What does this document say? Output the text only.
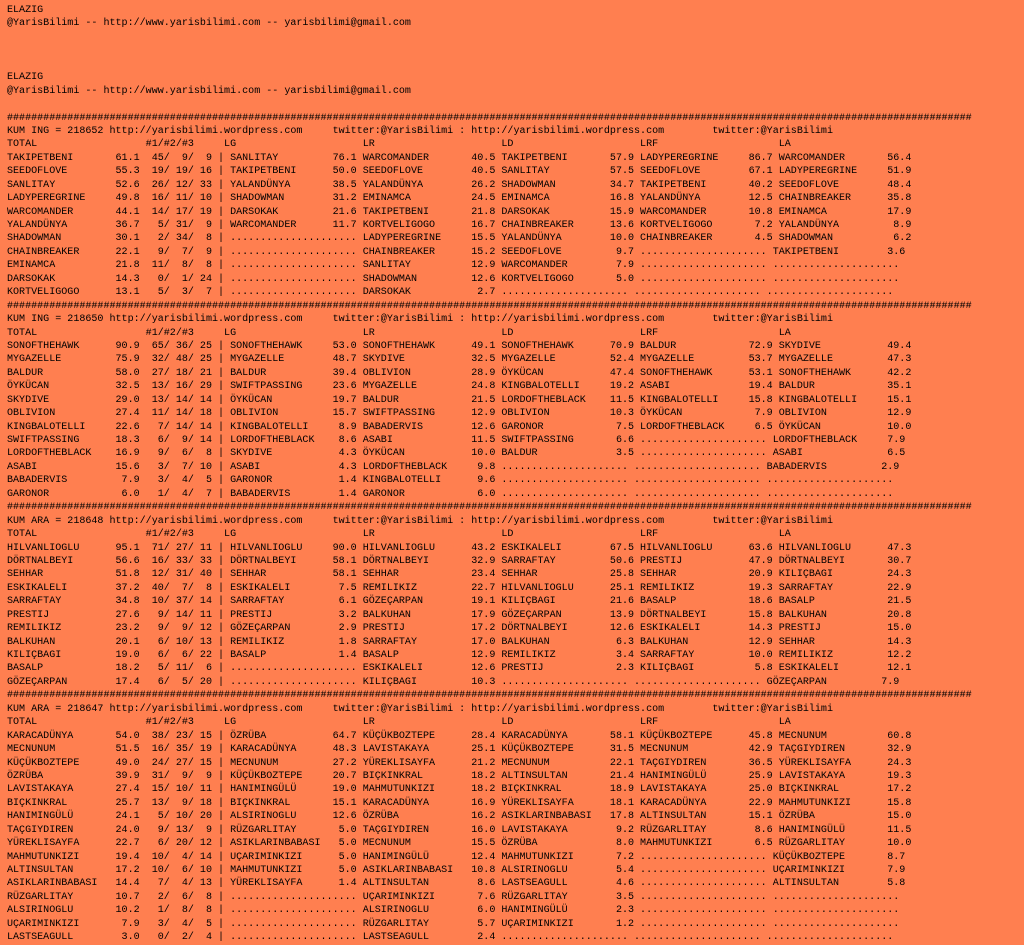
ELAZIG
@YarisBilimi -- http://www.yarisbilimi.com -- yarisbilimi@gmail.com
ELAZIG
@YarisBilimi -- http://www.yarisbilimi.com -- yarisbilimi@gmail.com
################################################################################################################################################################
KUM ING = 218652 http://yarisbilimi.wordpress.com     twitter:@YarisBilimi : http://yarisbilimi.wordpress.com        twitter:@YarisBilimi
TOTAL                  #1/#2/#3     LG                     LR                     LD                     LRF                    LA
TAKIPETBENI       61.1  45/  9/  9 | SANLITAY         76.1 WARCOMANDER       40.5 TAKIPETBENI       57.9 LADYPEREGRINE     86.7 WARCOMANDER       56.4
SEEDOFLOVE        55.3  19/ 19/ 16 | TAKIPETBENI      50.0 SEEDOFLOVE        40.5 SANLITAY          57.5 SEEDOFLOVE        67.1 LADYPEREGRINE     51.9
SANLITAY          52.6  26/ 12/ 33 | YALANDÜNYA       38.5 YALANDÜNYA        26.2 SHADOWMAN         34.7 TAKIPETBENI       40.2 SEEDOFLOVE        48.4
LADYPEREGRINE     49.8  16/ 11/ 10 | SHADOWMAN        31.2 EMINAMCA          24.5 EMINAMCA          16.8 YALANDÜNYA        12.5 CHAINBREAKER      35.8
WARCOMANDER       44.1  14/ 17/ 19 | DARSOKAK         21.6 TAKIPETBENI       21.8 DARSOKAK          15.9 WARCOMANDER       10.8 EMINAMCA          17.9
YALANDÜNYA        36.7   5/ 31/  9 | WARCOMANDER      11.7 KORTVELIGOGO      16.7 CHAINBREAKER      13.6 KORTVELIGOGO       7.2 YALANDÜNYA         8.9
SHADOWMAN         30.1   2/ 34/  8 | ..................... LADYPEREGRINE     15.5 YALANDÜNYA        10.0 CHAINBREAKER       4.5 SHADOWMAN          6.2
CHAINBREAKER      22.1   9/  7/  9 | ..................... CHAINBREAKER      15.2 SEEDOFLOVE         9.7 ..................... TAKIPETBENI        3.6
EMINAMCA          21.8  11/  8/  8 | ..................... SANLITAY          12.9 WARCOMANDER        7.9 ..................... .....................
DARSOKAK          14.3   0/  1/ 24 | ..................... SHADOWMAN         12.6 KORTVELIGOGO       5.0 ..................... .....................
KORTVELIGOGO      13.1   5/  3/  7 | ..................... DARSOKAK           2.7 ..................... ..................... .....................
################################################################################################################################################################
KUM ING = 218650 http://yarisbilimi.wordpress.com     twitter:@YarisBilimi : http://yarisbilimi.wordpress.com        twitter:@YarisBilimi
TOTAL                  #1/#2/#3     LG                     LR                     LD                     LRF                    LA
SONOFTHEHAWK      90.9  65/ 36/ 25 | SONOFTHEHAWK     53.0 SONOFTHEHAWK      49.1 SONOFTHEHAWK      70.9 BALDUR            72.9 SKYDIVE           49.4
MYGAZELLE         75.9  32/ 48/ 25 | MYGAZELLE        48.7 SKYDIVE           32.5 MYGAZELLE         52.4 MYGAZELLE         53.7 MYGAZELLE         47.3
BALDUR            58.0  27/ 18/ 21 | BALDUR           39.4 OBLIVION          28.9 ÖYKÜCAN           47.4 SONOFTHEHAWK      53.1 SONOFTHEHAWK      42.2
ÖYKÜCAN           32.5  13/ 16/ 29 | SWIFTPASSING     23.6 MYGAZELLE         24.8 KINGBALOTELLI     19.2 ASABI             19.4 BALDUR            35.1
SKYDIVE           29.0  13/ 14/ 14 | ÖYKÜCAN          19.7 BALDUR            21.5 LORDOFTHEBLACK    11.5 KINGBALOTELLI     15.8 KINGBALOTELLI     15.1
OBLIVION          27.4  11/ 14/ 18 | OBLIVION         15.7 SWIFTPASSING      12.9 OBLIVION          10.3 ÖYKÜCAN            7.9 OBLIVION          12.9
KINGBALOTELLI     22.6   7/ 14/ 14 | KINGBALOTELLI     8.9 BABADERVIS        12.6 GARONOR            7.5 LORDOFTHEBLACK     6.5 ÖYKÜCAN           10.0
SWIFTPASSING      18.3   6/  9/ 14 | LORDOFTHEBLACK    8.6 ASABI             11.5 SWIFTPASSING       6.6 ..................... LORDOFTHEBLACK     7.9
LORDOFTHEBLACK    16.9   9/  6/  8 | SKYDIVE           4.3 ÖYKÜCAN           10.0 BALDUR             3.5 ..................... ASABI              6.5
ASABI             15.6   3/  7/ 10 | ASABI             4.3 LORDOFTHEBLACK     9.8 ..................... ..................... BABADERVIS         2.9
BABADERVIS         7.9   3/  4/  5 | GARONOR           1.4 KINGBALOTELLI      9.6 ..................... ..................... .....................
GARONOR            6.0   1/  4/  7 | BABADERVIS        1.4 GARONOR            6.0 ..................... ..................... .....................
################################################################################################################################################################
KUM ARA = 218648 http://yarisbilimi.wordpress.com     twitter:@YarisBilimi : http://yarisbilimi.wordpress.com        twitter:@YarisBilimi
TOTAL                  #1/#2/#3     LG                     LR                     LD                     LRF                    LA
HILVANLIOGLU      95.1  71/ 27/ 11 | HILVANLIOGLU     90.0 HILVANLIOGLU      43.2 ESKIKALELI        67.5 HILVANLIOGLU      63.6 HILVANLIOGLU      47.3
DÖRTNALBEYI       56.6  16/ 33/ 33 | DÖRTNALBEYI      58.1 DÖRTNALBEYI       32.9 SARRAFTAY         50.6 PRESTIJ           47.9 DÖRTNALBEYI       30.7
SEHHAR            51.8  12/ 31/ 40 | SEHHAR           58.1 SEHHAR            23.4 SEHHAR            25.8 SEHHAR            20.9 KILIÇBAGI         24.3
ESKIKALELI        37.2  40/  7/  8 | ESKIKALELI        7.5 REMILIKIZ         22.7 HILVANLIOGLU      25.1 REMILIKIZ         19.3 SARRAFTAY         22.9
SARRAFTAY         34.8  10/ 37/ 14 | SARRAFTAY         6.1 GÖZEÇARPAN        19.1 KILIÇBAGI         21.6 BASALP            18.6 BASALP            21.5
PRESTIJ           27.6   9/ 14/ 11 | PRESTIJ           3.2 BALKUHAN          17.9 GÖZEÇARPAN        13.9 DÖRTNALBEYI       15.8 BALKUHAN          20.8
REMILIKIZ         23.2   9/  9/ 12 | GÖZEÇARPAN        2.9 PRESTIJ           17.2 DÖRTNALBEYI       12.6 ESKIKALELI        14.3 PRESTIJ           15.0
BALKUHAN          20.1   6/ 10/ 13 | REMILIKIZ         1.8 SARRAFTAY         17.0 BALKUHAN           6.3 BALKUHAN          12.9 SEHHAR            14.3
KILIÇBAGI         19.0   6/  6/ 22 | BASALP            1.4 BASALP            12.9 REMILIKIZ          3.4 SARRAFTAY         10.0 REMILIKIZ         12.2
BASALP            18.2   5/ 11/  6 | ..................... ESKIKALELI        12.6 PRESTIJ            2.3 KILIÇBAGI          5.8 ESKIKALELI        12.1
GÖZEÇARPAN        17.4   6/  5/ 20 | ..................... KILIÇBAGI         10.3 ..................... ..................... GÖZEÇARPAN         7.9
################################################################################################################################################################
KUM ARA = 218647 http://yarisbilimi.wordpress.com     twitter:@YarisBilimi : http://yarisbilimi.wordpress.com        twitter:@YarisBilimi
TOTAL                  #1/#2/#3     LG                     LR                     LD                     LRF                    LA
KARACADÜNYA       54.0  38/ 23/ 15 | ÖZRÜBA           64.7 KÜÇÜKBOZTEPE      28.4 KARACADÜNYA       58.1 KÜÇÜKBOZTEPE      45.8 MECNUNUM          60.8
MECNUNUM          51.5  16/ 35/ 19 | KARACADÜNYA      48.3 LAVISTAKAYA       25.1 KÜÇÜKBOZTEPE      31.5 MECNUNUM          42.9 TAÇGIYDIREN       32.9
KÜÇÜKBOZTEPE      49.0  24/ 27/ 15 | MECNUNUM         27.2 YÜREKLISAYFA      21.2 MECNUNUM          22.1 TAÇGIYDIREN       36.5 YÜREKLISAYFA      24.3
ÖZRÜBA            39.9  31/  9/  9 | KÜÇÜKBOZTEPE     20.7 BIÇKINKRAL        18.2 ALTINSULTAN       21.4 HANIMINGÜLÜ       25.9 LAVISTAKAYA       19.3
LAVISTAKAYA       27.4  15/ 10/ 11 | HANIMINGÜLÜ      19.0 MAHMUTUNKIZI      18.2 BIÇKINKRAL        18.9 LAVISTAKAYA       25.0 BIÇKINKRAL        17.2
BIÇKINKRAL        25.7  13/  9/ 18 | BIÇKINKRAL       15.1 KARACADÜNYA       16.9 YÜREKLISAYFA      18.1 KARACADÜNYA       22.9 MAHMUTUNKIZI      15.8
HANIMINGÜLÜ       24.1   5/ 10/ 20 | ALSIRINOGLU      12.6 ÖZRÜBA            16.2 ASIKLARINBABASI   17.8 ALTINSULTAN       15.1 ÖZRÜBA            15.0
TAÇGIYDIREN       24.0   9/ 13/  9 | RÜZGARLITAY       5.0 TAÇGIYDIREN       16.0 LAVISTAKAYA        9.2 RÜZGARLITAY        8.6 HANIMINGÜLÜ       11.5
YÜREKLISAYFA      22.7   6/ 20/ 12 | ASIKLARINBABASI   5.0 MECNUNUM          15.5 ÖZRÜBA             8.0 MAHMUTUNKIZI       6.5 RÜZGARLITAY       10.0
MAHMUTUNKIZI      19.4  10/  4/ 14 | UÇARIMINKIZI      5.0 HANIMINGÜLÜ       12.4 MAHMUTUNKIZI       7.2 ..................... KÜÇÜKBOZTEPE       8.7
ALTINSULTAN       17.2  10/  6/ 10 | MAHMUTUNKIZI      5.0 ASIKLARINBABASI   10.8 ALSIRINOGLU        5.4 ..................... UÇARIMINKIZI       7.9
ASIKLARINBABASI   14.4   7/  4/ 13 | YÜREKLISAYFA      1.4 ALTINSULTAN        8.6 LASTSEAGULL        4.6 ..................... ALTINSULTAN        5.8
RÜZGARLITAY       10.7   2/  6/  8 | ..................... UÇARIMINKIZI       7.6 RÜZGARLITAY        3.5 ..................... .....................
ALSIRINOGLU       10.2   1/  8/  8 | ..................... ALSIRINOGLU        6.0 HANIMINGÜLÜ        2.3 ..................... .....................
UÇARIMINKIZI       7.9   3/  4/  5 | ..................... RÜZGARLITAY        5.7 UÇARIMINKIZI       1.2 ..................... .....................
LASTSEAGULL        3.0   0/  2/  4 | ..................... LASTSEAGULL        2.4 ..................... ..................... .....................
